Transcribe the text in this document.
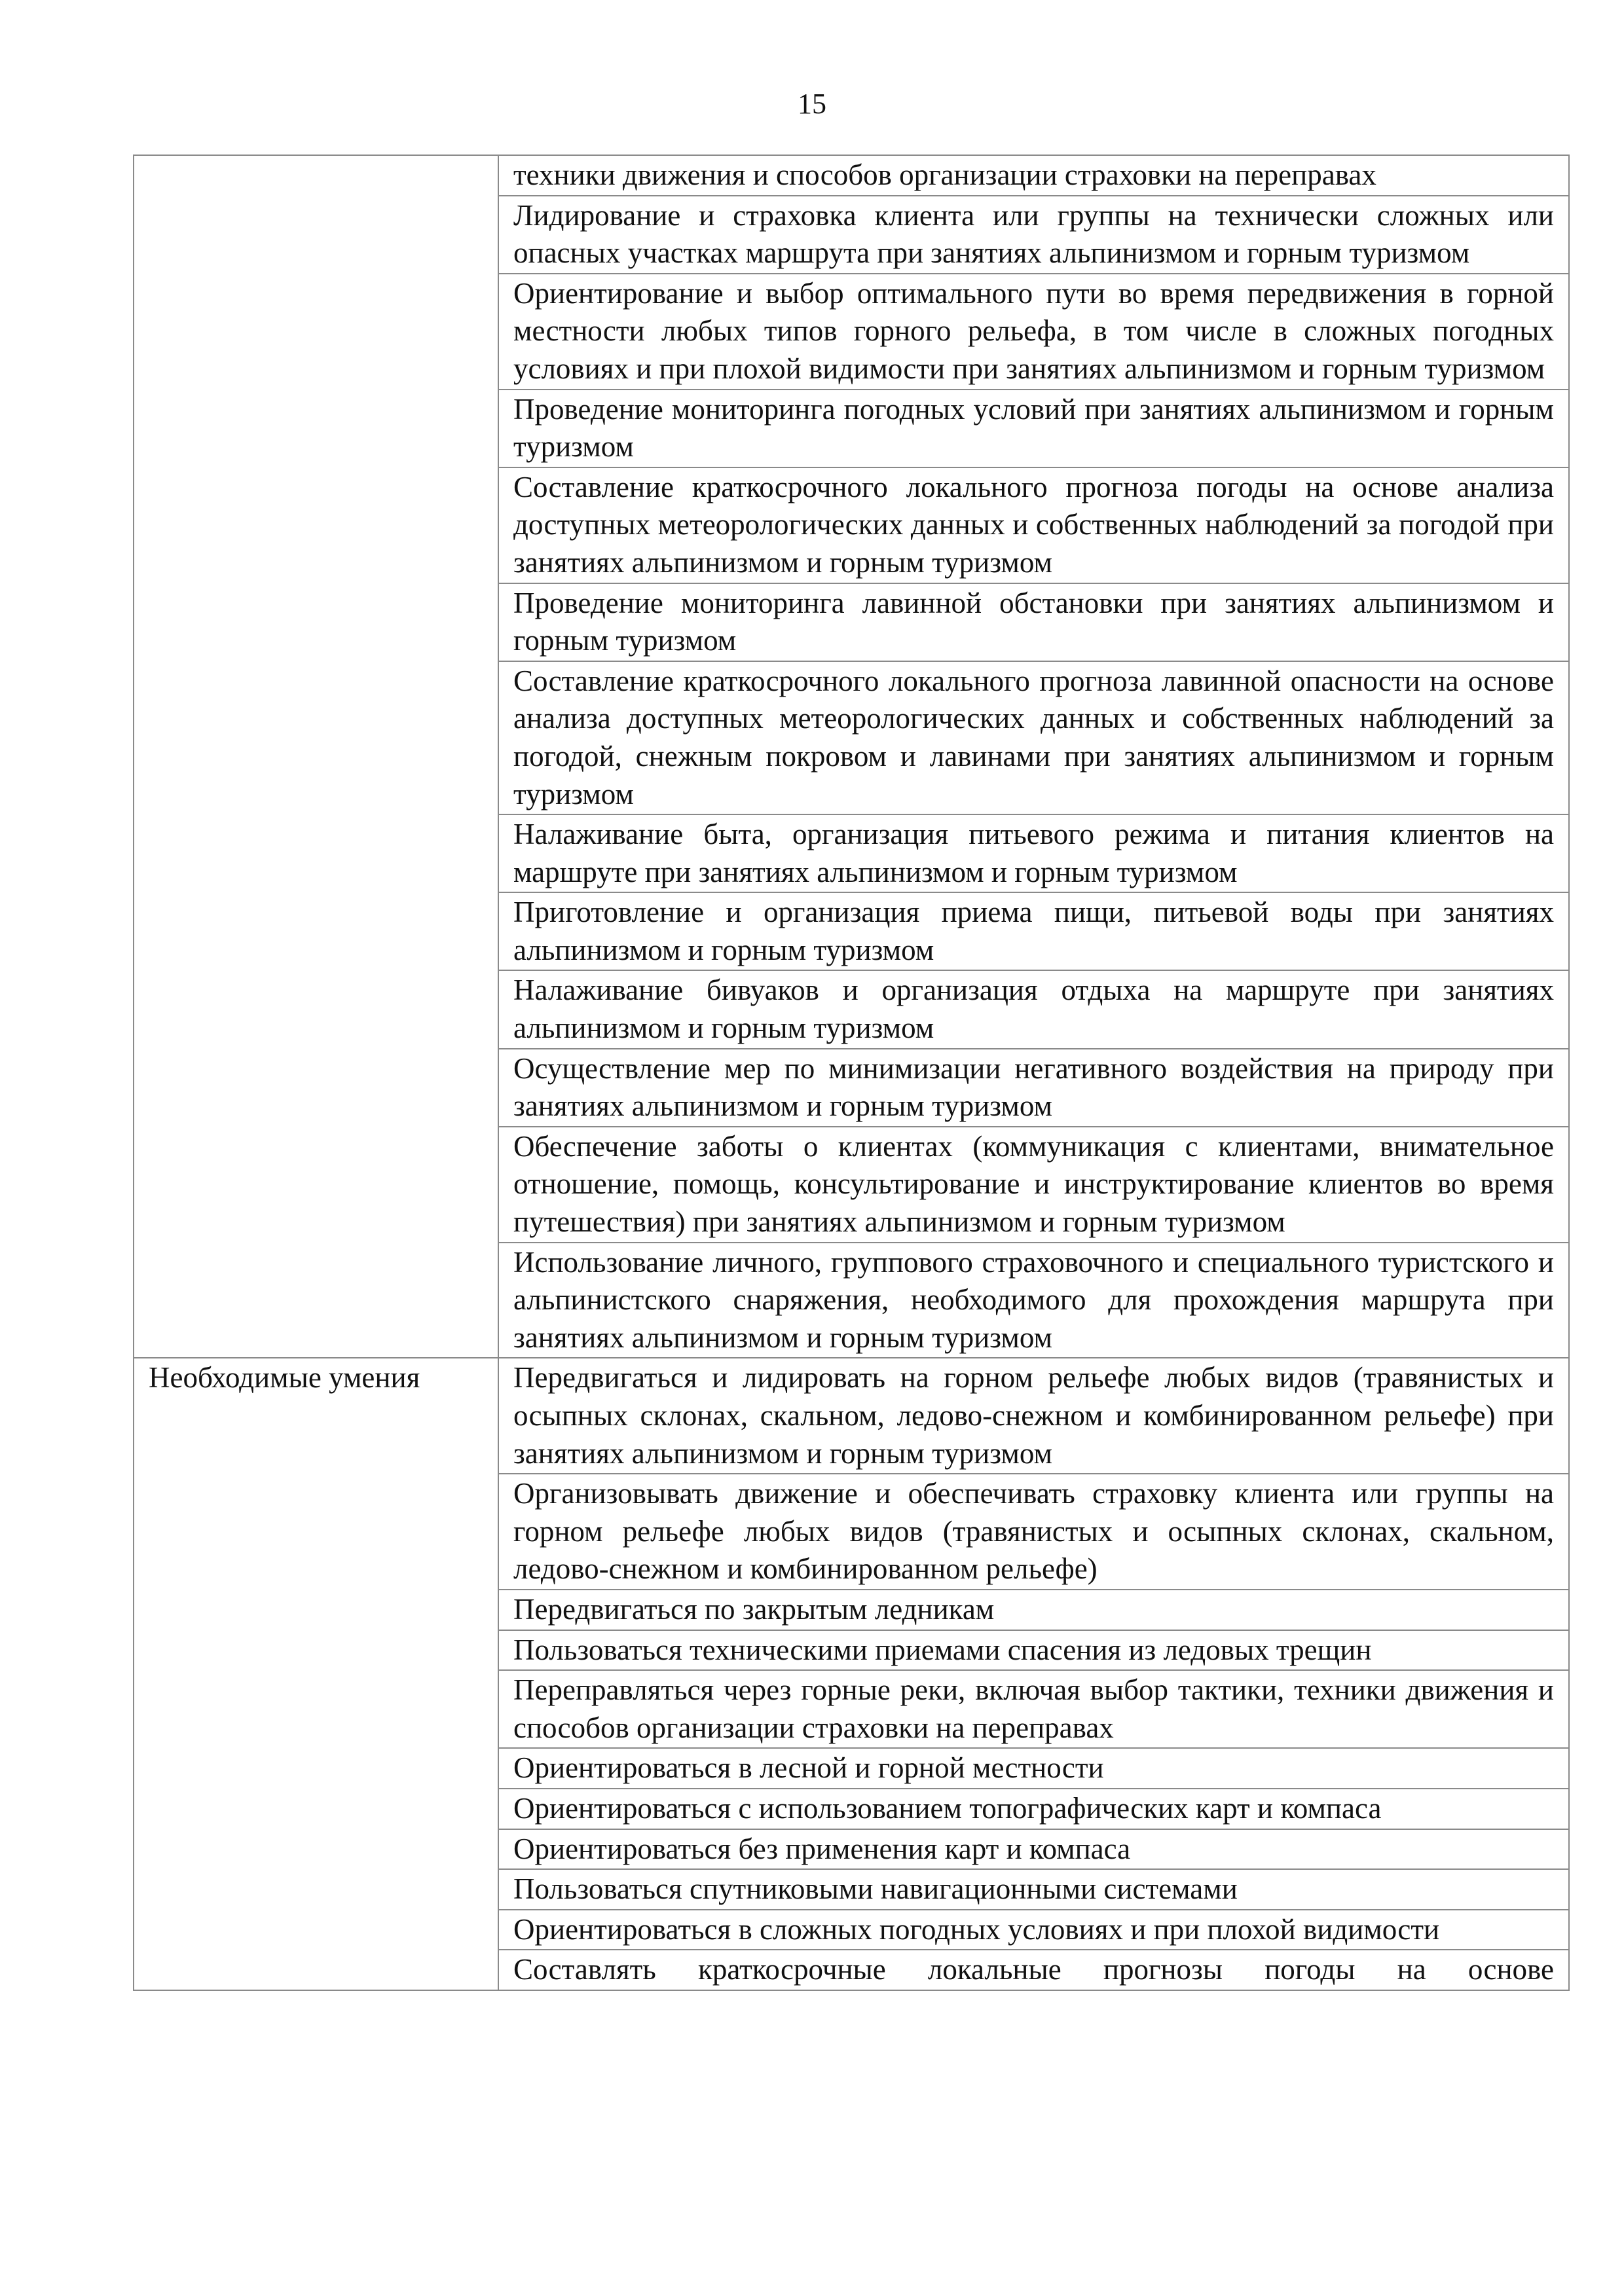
15
	техники движения и способов организации страховки на переправах
	Лидирование и страховка клиента или группы на технически сложных или опасных участках маршрута при занятиях альпинизмом и горным туризмом
	Ориентирование и выбор оптимального пути во время передвижения в горной местности любых типов горного рельефа, в том числе в сложных погодных условиях и при плохой видимости при занятиях альпинизмом и горным туризмом
	Проведение мониторинга погодных условий при занятиях альпинизмом и горным туризмом
	Составление краткосрочного локального прогноза погоды на основе анализа доступных метеорологических данных и собственных наблюдений за погодой при занятиях альпинизмом и горным туризмом
	Проведение мониторинга лавинной обстановки при занятиях альпинизмом и горным туризмом
	Составление краткосрочного локального прогноза лавинной опасности на основе анализа доступных метеорологических данных и собственных наблюдений за погодой, снежным покровом и лавинами при занятиях альпинизмом и горным туризмом
	Налаживание быта, организация питьевого режима и питания клиентов на маршруте при занятиях альпинизмом и горным туризмом
	Приготовление и организация приема пищи, питьевой воды при занятиях альпинизмом и горным туризмом
	Налаживание бивуаков и организация отдыха на маршруте при занятиях альпинизмом и горным туризмом
	Осуществление мер по минимизации негативного воздействия на природу при занятиях альпинизмом и горным туризмом
	Обеспечение заботы о клиентах (коммуникация с клиентами, внимательное отношение, помощь, консультирование и инструктирование клиентов во время путешествия) при занятиях альпинизмом и горным туризмом
	Использование личного, группового страховочного и специального туристского и альпинистского снаряжения, необходимого для прохождения маршрута при занятиях альпинизмом и горным туризмом
Необходимые умения	Передвигаться и лидировать на горном рельефе любых видов (травянистых и осыпных склонах, скальном, ледово-снежном и комбинированном рельефе) при занятиях альпинизмом и горным туризмом
	Организовывать движение и обеспечивать страховку клиента или группы на горном рельефе любых видов (травянистых и осыпных склонах, скальном, ледово-снежном и комбинированном рельефе)
	Передвигаться по закрытым ледникам
	Пользоваться техническими приемами спасения из ледовых трещин
	Переправляться через горные реки, включая выбор тактики, техники движения и способов организации страховки на переправах
	Ориентироваться в лесной и горной местности
	Ориентироваться с использованием топографических карт и компаса
	Ориентироваться без применения карт и компаса
	Пользоваться спутниковыми навигационными системами
	Ориентироваться в сложных погодных условиях и при плохой видимости
	Составлять краткосрочные локальные прогнозы погоды на основе
